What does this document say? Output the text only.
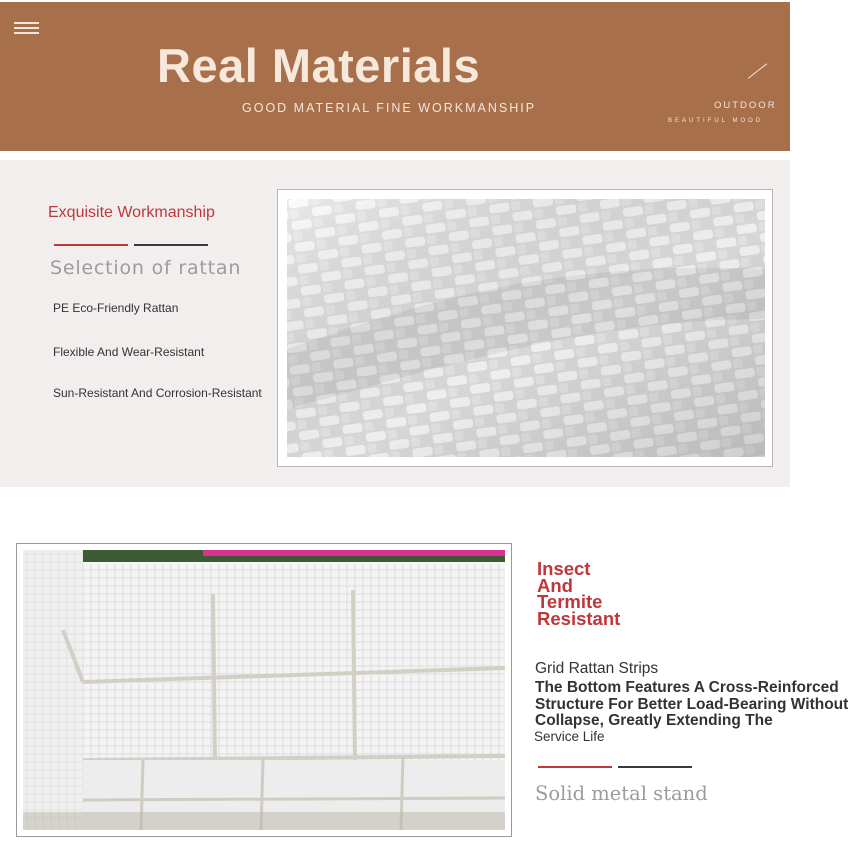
Real Materials
GOOD MATERIAL FINE WORKMANSHIP	OUTDOOR
BEAUTIFUL MOOD
Exquisite Workmanship
Selection of rattan
PE Eco-Friendly Rattan
Flexible And Wear-Resistant
Sun-Resistant And Corrosion-Resistant
Insect
And
Termite
Resistant
Grid Rattan Strips
The Bottom Features A Cross-Reinforced
Structure For Better Load-Bearing Without
Collapse, Greatly Extending The
Service Life
Solid metal stand
